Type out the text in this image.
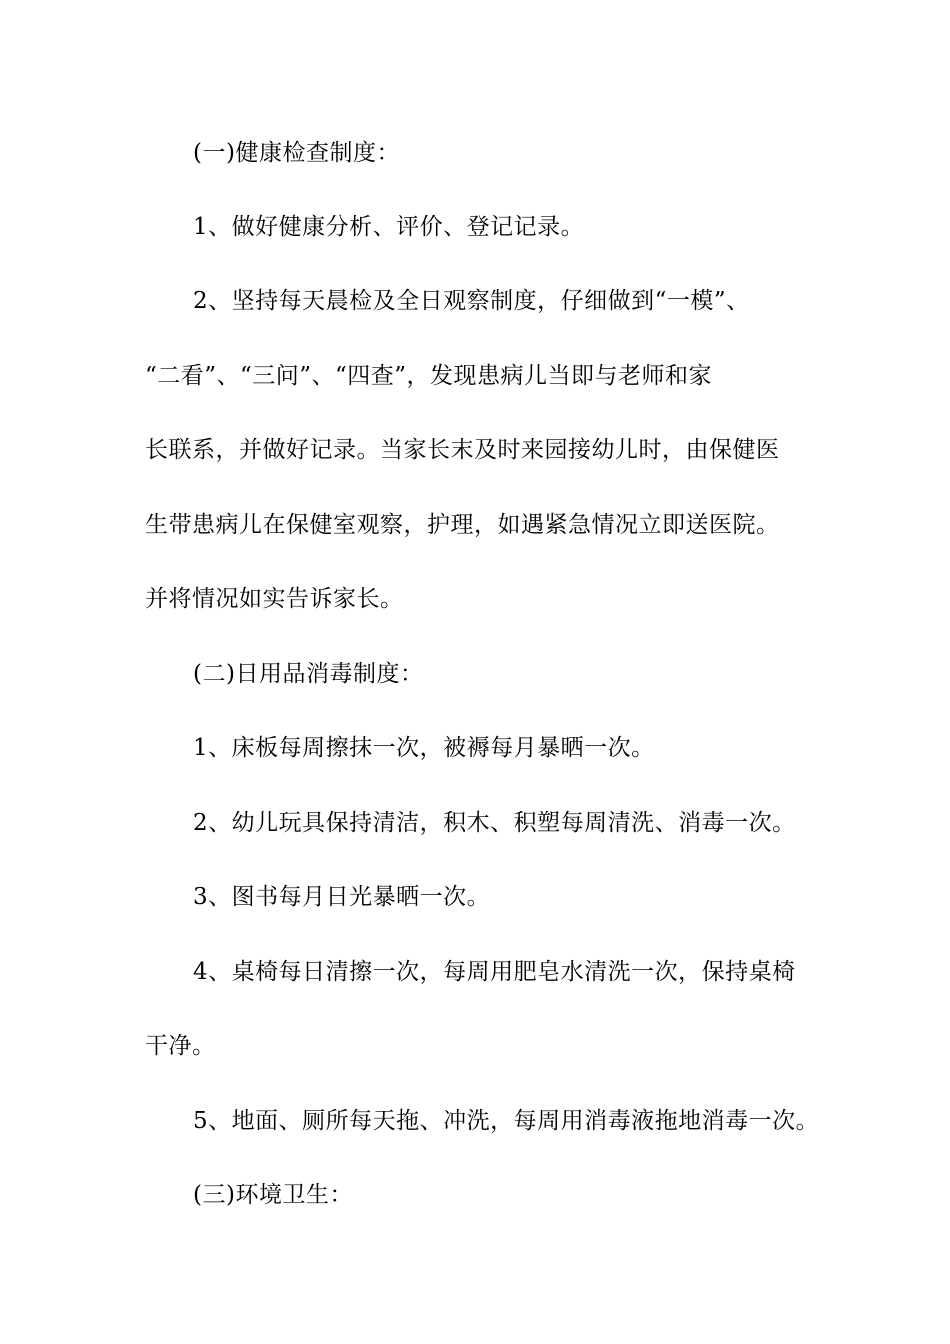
(一)健康检查制度：
1、做好健康分析、评价、登记记录。
2、坚持每天晨检及全日观察制度，仔细做到“一模”、
“二看”、“三问”、“四查”，发现患病儿当即与老师和家
长联系，并做好记录。当家长末及时来园接幼儿时，由保健医
生带患病儿在保健室观察，护理，如遇紧急情况立即送医院。
并将情况如实告诉家长。
(二)日用品消毒制度：
1、床板每周擦抹一次，被褥每月暴晒一次。
2、幼儿玩具保持清洁，积木、积塑每周清洗、消毒一次。
3、图书每月日光暴晒一次。
4、桌椅每日清擦一次，每周用肥皂水清洗一次，保持桌椅
干净。
5、地面、厕所每天拖、冲洗，每周用消毒液拖地消毒一次。
(三)环境卫生：
